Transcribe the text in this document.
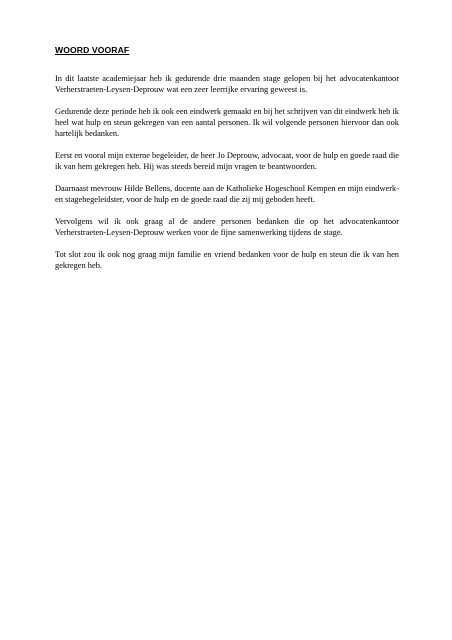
WOORD VOORAF

In dit laatste academiejaar heb ik gedurende drie maanden stage gelopen bij het advocatenkantoor Verherstraeten-Leysen-Deprouw wat een zeer leerrijke ervaring geweest is.

Gedurende deze periode heb ik ook een eindwerk gemaakt en bij het schrijven van dit eindwerk heb ik heel wat hulp en steun gekregen van een aantal personen. Ik wil volgende personen hiervoor dan ook hartelijk bedanken.

Eerst en vooral mijn externe begeleider, de heer Jo Deprouw, advocaat, voor de hulp en goede raad die ik van hem gekregen heb. Hij was steeds bereid mijn vragen te beantwoorden.

Daarnaast mevrouw Hilde Bellens, docente aan de Katholieke Hogeschool Kempen en mijn eindwerk- en stagebegeleidster, voor de hulp en de goede raad die zij mij geboden heeft.

Vervolgens wil ik ook graag al de andere personen bedanken die op het advocatenkantoor Verherstraeten-Leysen-Deprouw werken voor de fijne samenwerking tijdens de stage.

Tot slot zou ik ook nog graag mijn familie en vriend bedanken voor de hulp en steun die ik van hen gekregen heb.
